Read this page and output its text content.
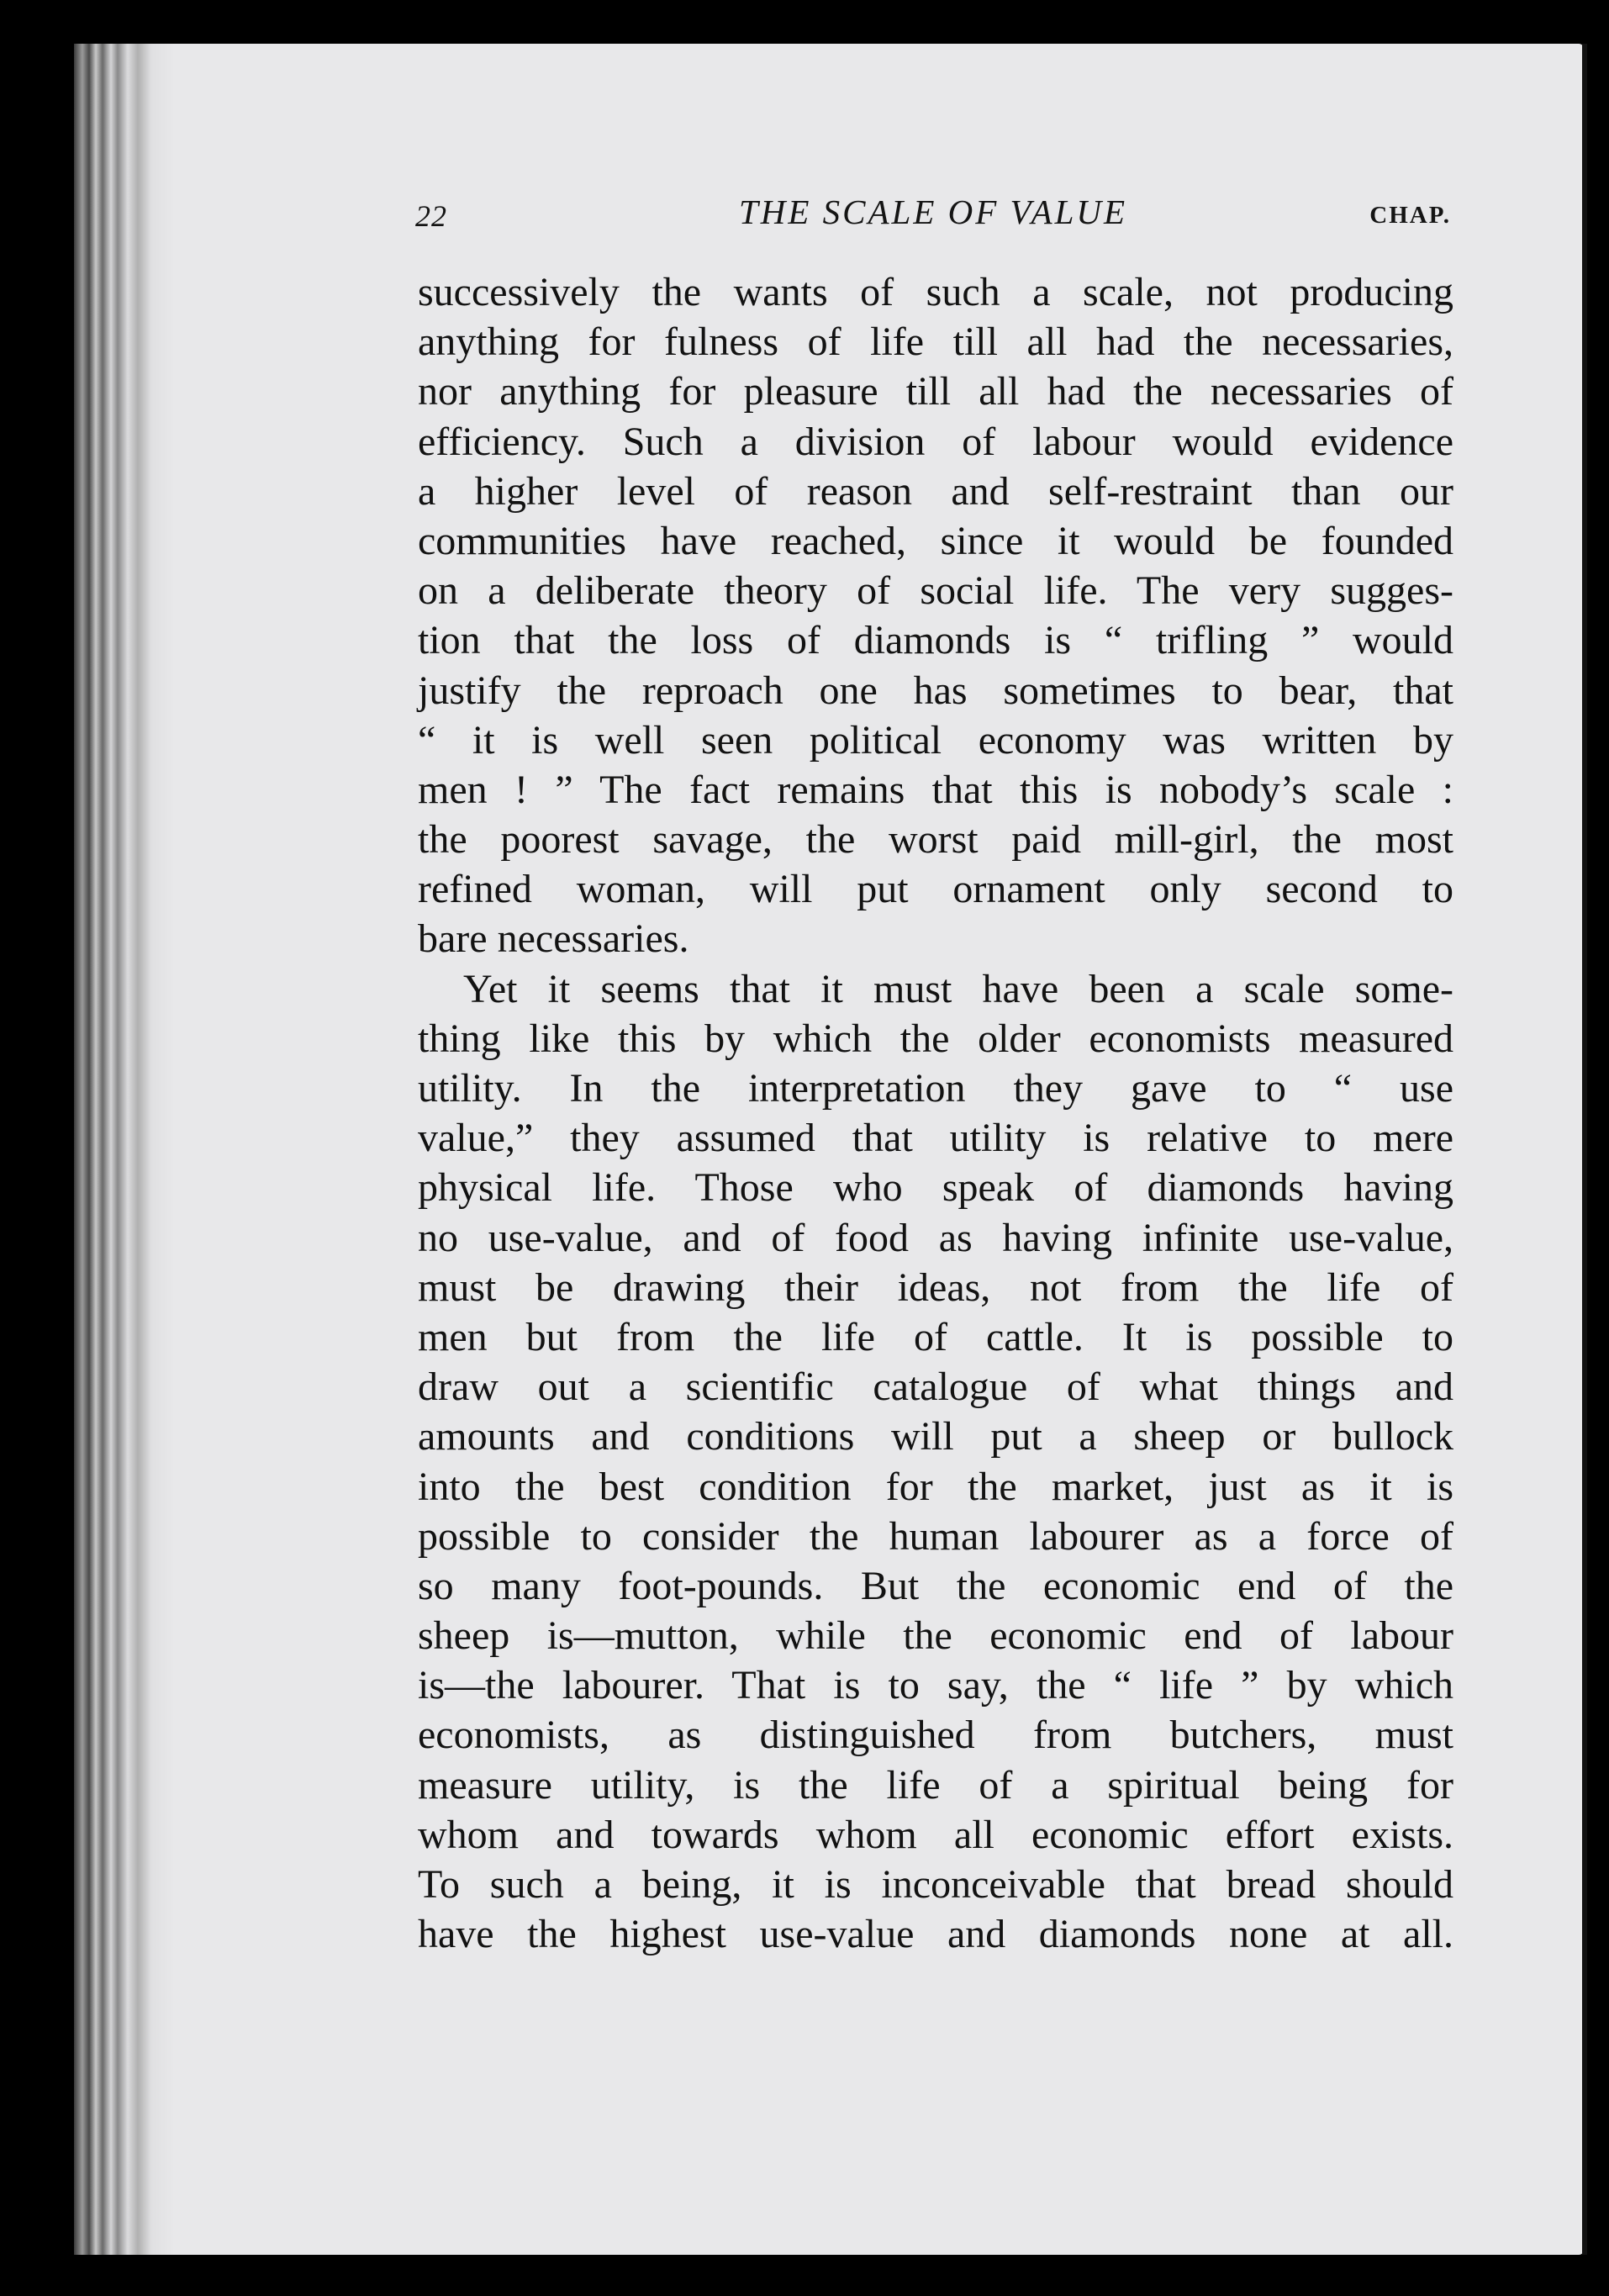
22	THE SCALE OF VALUE	CHAP.
successively the wants of such a scale, not producing
anything for fulness of life till all had the necessaries,
nor anything for pleasure till all had the necessaries of
efficiency. Such a division of labour would evidence
a higher level of reason and self-restraint than our
communities have reached, since it would be founded
on a deliberate theory of social life. The very sugges-
tion that the loss of diamonds is “ trifling ” would
justify the reproach one has sometimes to bear, that
“ it is well seen political economy was written by
men ! ” The fact remains that this is nobody’s scale :
the poorest savage, the worst paid mill-girl, the most
refined woman, will put ornament only second to
bare necessaries.
Yet it seems that it must have been a scale some-
thing like this by which the older economists measured
utility. In the interpretation they gave to “ use
value,” they assumed that utility is relative to mere
physical life. Those who speak of diamonds having
no use-value, and of food as having infinite use-value,
must be drawing their ideas, not from the life of
men but from the life of cattle. It is possible to
draw out a scientific catalogue of what things and
amounts and conditions will put a sheep or bullock
into the best condition for the market, just as it is
possible to consider the human labourer as a force of
so many foot-pounds. But the economic end of the
sheep is—mutton, while the economic end of labour
is—the labourer. That is to say, the “ life ” by which
economists, as distinguished from butchers, must
measure utility, is the life of a spiritual being for
whom and towards whom all economic effort exists.
To such a being, it is inconceivable that bread should
have the highest use-value and diamonds none at all.
